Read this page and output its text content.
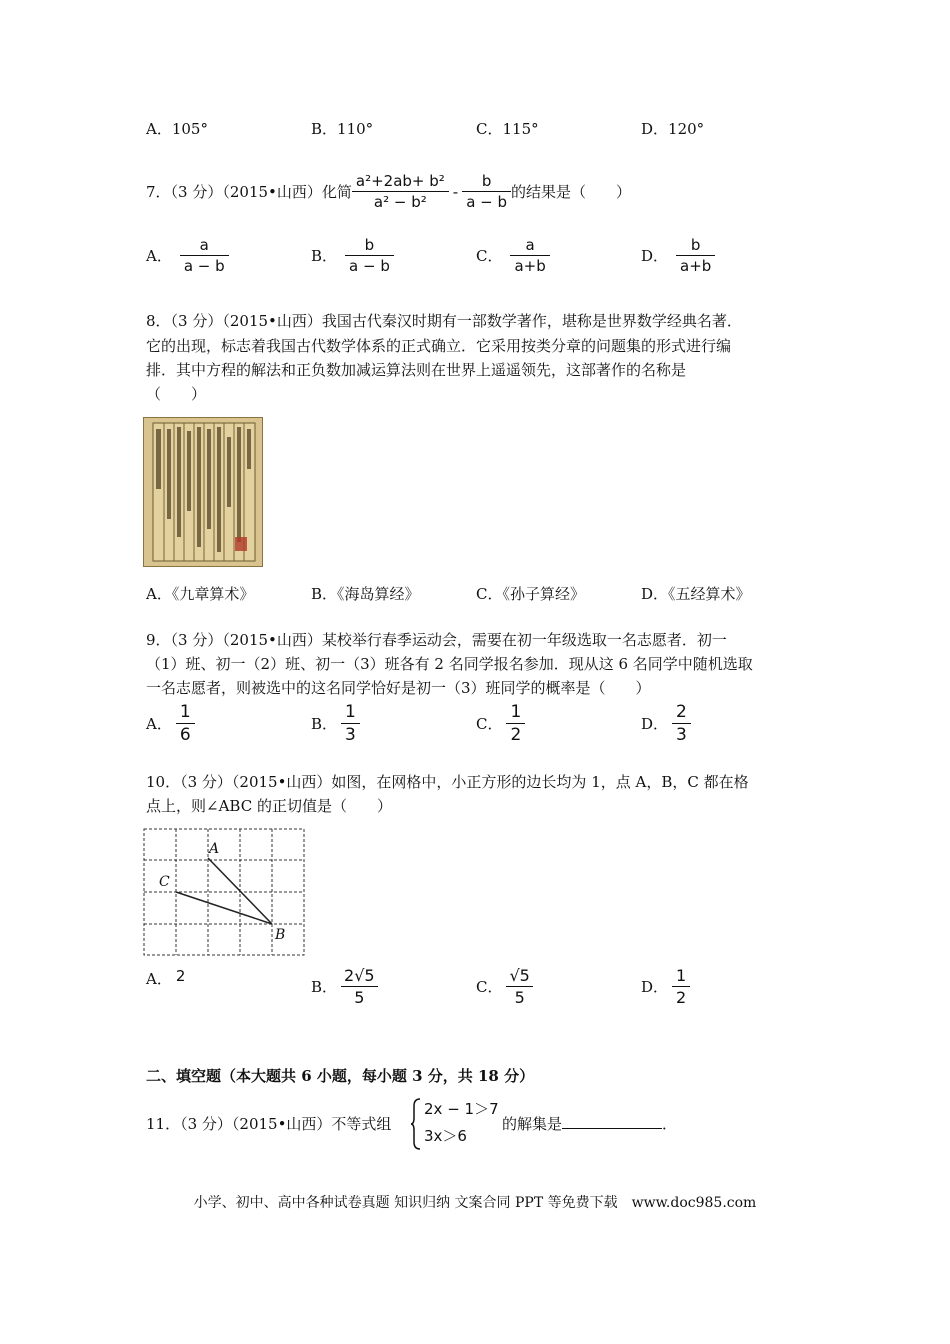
A．105°	B．110°	C．115°	D．120°
7．（3 分）（2015•山西）化简 $\frac{\text{a²+2ab+ b²}}{\text{a² − b²}} - \frac{b}{a - b}$ 的结果是（　　）
A． $\frac{a}{a - b}$	B． $\frac{b}{a - b}$	C． $\frac{a}{a+b}$	D． $\frac{b}{a+b}$
8．（3 分）（2015•山西）我国古代秦汉时期有一部数学著作，堪称是世界数学经典名著．
它的出现，标志着我国古代数学体系的正式确立．它采用按类分章的问题集的形式进行编
排．其中方程的解法和正负数加减运算法则在世界上遥遥领先，这部著作的名称是
（　　）
A．《九章算术》	B．《海岛算经》	C．《孙子算经》	D．《五经算术》
9．（3 分）（2015•山西）某校举行春季运动会，需要在初一年级选取一名志愿者．初一
（1）班、初一（2）班、初一（3）班各有 2 名同学报名参加．现从这 6 名同学中随机选取
一名志愿者，则被选中的这名同学恰好是初一（3）班同学的概率是（　　）
A． $\frac{1}{6}$	B． $\frac{1}{3}$	C． $\frac{1}{2}$	D． $\frac{2}{3}$
10．（3 分）（2015•山西）如图，在网格中，小正方形的边长均为 1，点 A，B，C 都在格
点上，则∠ABC 的正切值是（　　）
A
B
C
A． 2
B． $\frac{2√5}{5}$	C． $\frac{√5}{5}$	D． $\frac{1}{2}$
二、填空题（本大题共 6 小题，每小题 3 分，共 18 分）
11．（3 分）（2015•山西）不等式组
2x − 1＞7
3x＞6
的解集是	．
小学、初中、高中各种试卷真题 知识归纳 文案合同 PPT 等免费下载　www.doc985.com
